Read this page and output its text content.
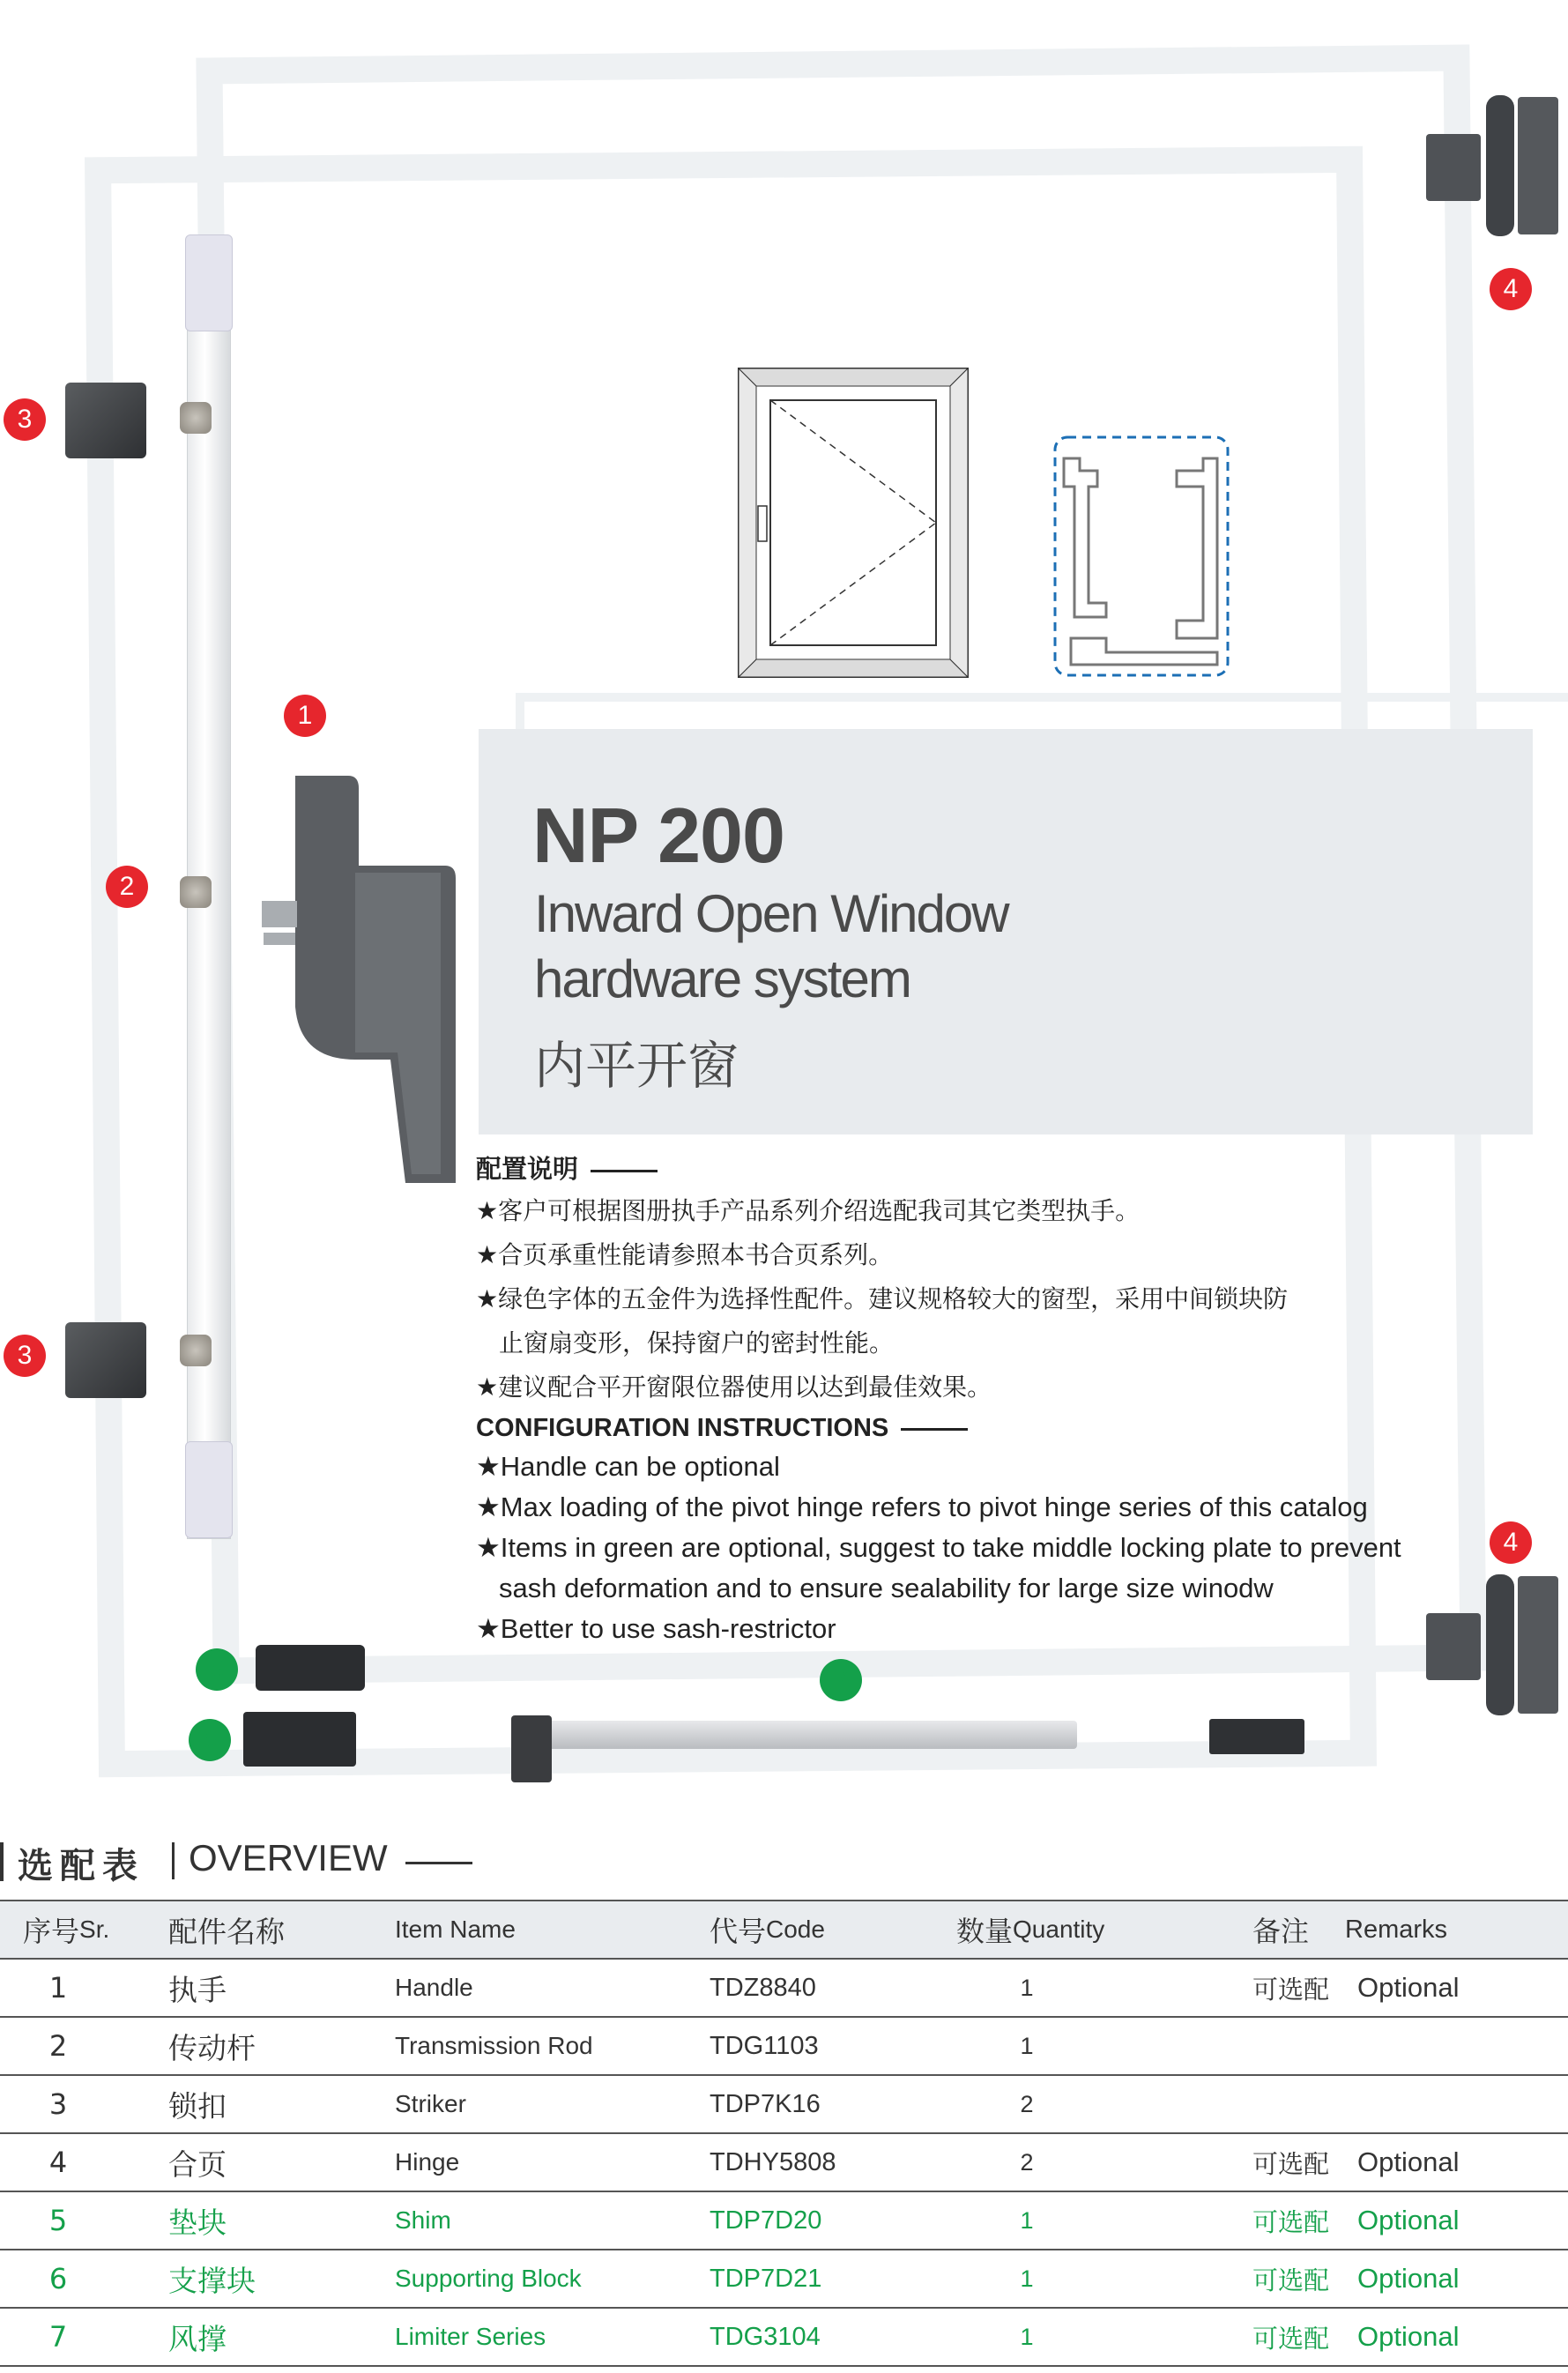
1
2
3
3
4
4
5
6
7
NP 200
Inward Open Window
hardware system
内平开窗
配置说明
★客户可根据图册执手产品系列介绍选配我司其它类型执手。
★合页承重性能请参照本书合页系列。
★绿色字体的五金件为选择性配件。建议规格较大的窗型，采用中间锁块防
止窗扇变形，保持窗户的密封性能。
★建议配合平开窗限位器使用以达到最佳效果。
CONFIGURATION INSTRUCTIONS
★Handle can be optional
★Max loading of the pivot hinge refers to pivot hinge series of this catalog
★Items in green are optional, suggest to take middle locking plate to prevent
sash deformation and to ensure sealability for large size winodw
★Better to use sash-restrictor
选配表 OVERVIEW
序号 Sr. 配件名称	Item Name	代号 Code	数量 Quantity	备注 Remarks
1	执手	Handle	TDZ8840	1	可选配 Optional
2	传动杆	Transmission Rod	TDG1103	1
3	锁扣	Striker	TDP7K16	2
4	合页	Hinge	TDHY5808	2	可选配 Optional
5	垫块	Shim	TDP7D20	1	可选配 Optional
6	支撑块	Supporting Block	TDP7D21	1	可选配 Optional
7	风撑	Limiter Series	TDG3104	1	可选配 Optional
